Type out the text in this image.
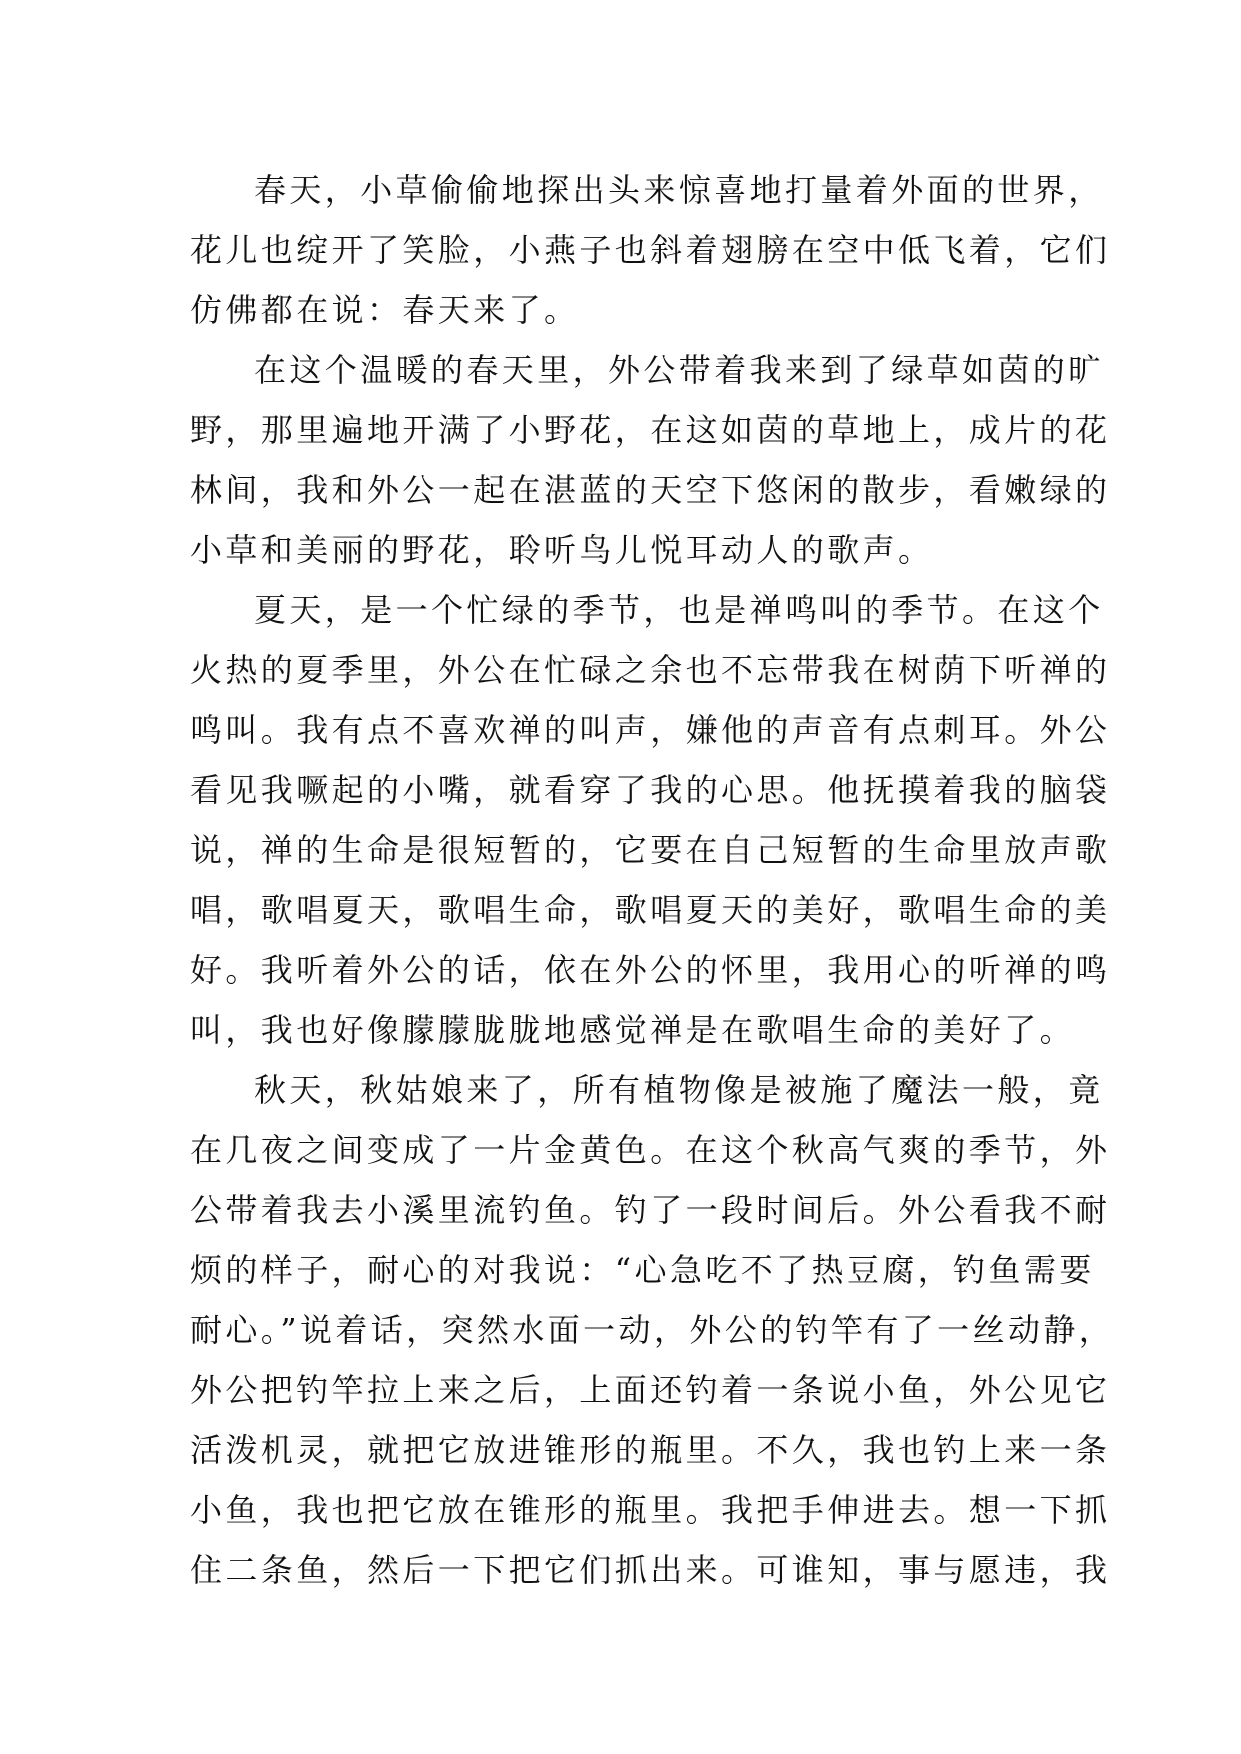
春天，小草偷偷地探出头来惊喜地打量着外面的世界，

花儿也绽开了笑脸，小燕子也斜着翅膀在空中低飞着，它们

仿佛都在说：春天来了。

在这个温暖的春天里，外公带着我来到了绿草如茵的旷

野，那里遍地开满了小野花，在这如茵的草地上，成片的花

林间，我和外公一起在湛蓝的天空下悠闲的散步，看嫩绿的

小草和美丽的野花，聆听鸟儿悦耳动人的歌声。

夏天，是一个忙绿的季节，也是禅鸣叫的季节。在这个

火热的夏季里，外公在忙碌之余也不忘带我在树荫下听禅的

鸣叫。我有点不喜欢禅的叫声，嫌他的声音有点刺耳。外公

看见我噘起的小嘴，就看穿了我的心思。他抚摸着我的脑袋

说，禅的生命是很短暂的，它要在自己短暂的生命里放声歌

唱，歌唱夏天，歌唱生命，歌唱夏天的美好，歌唱生命的美

好。我听着外公的话，依在外公的怀里，我用心的听禅的鸣

叫，我也好像朦朦胧胧地感觉禅是在歌唱生命的美好了。

秋天，秋姑娘来了，所有植物像是被施了魔法一般，竟

在几夜之间变成了一片金黄色。在这个秋高气爽的季节，外

公带着我去小溪里流钓鱼。钓了一段时间后。外公看我不耐

烦的样子，耐心的对我说：“心急吃不了热豆腐，钓鱼需要

耐心。”说着话，突然水面一动，外公的钓竿有了一丝动静，

外公把钓竿拉上来之后，上面还钓着一条说小鱼，外公见它

活泼机灵，就把它放进锥形的瓶里。不久，我也钓上来一条

小鱼，我也把它放在锥形的瓶里。我把手伸进去。想一下抓

住二条鱼，然后一下把它们抓出来。可谁知，事与愿违，我
